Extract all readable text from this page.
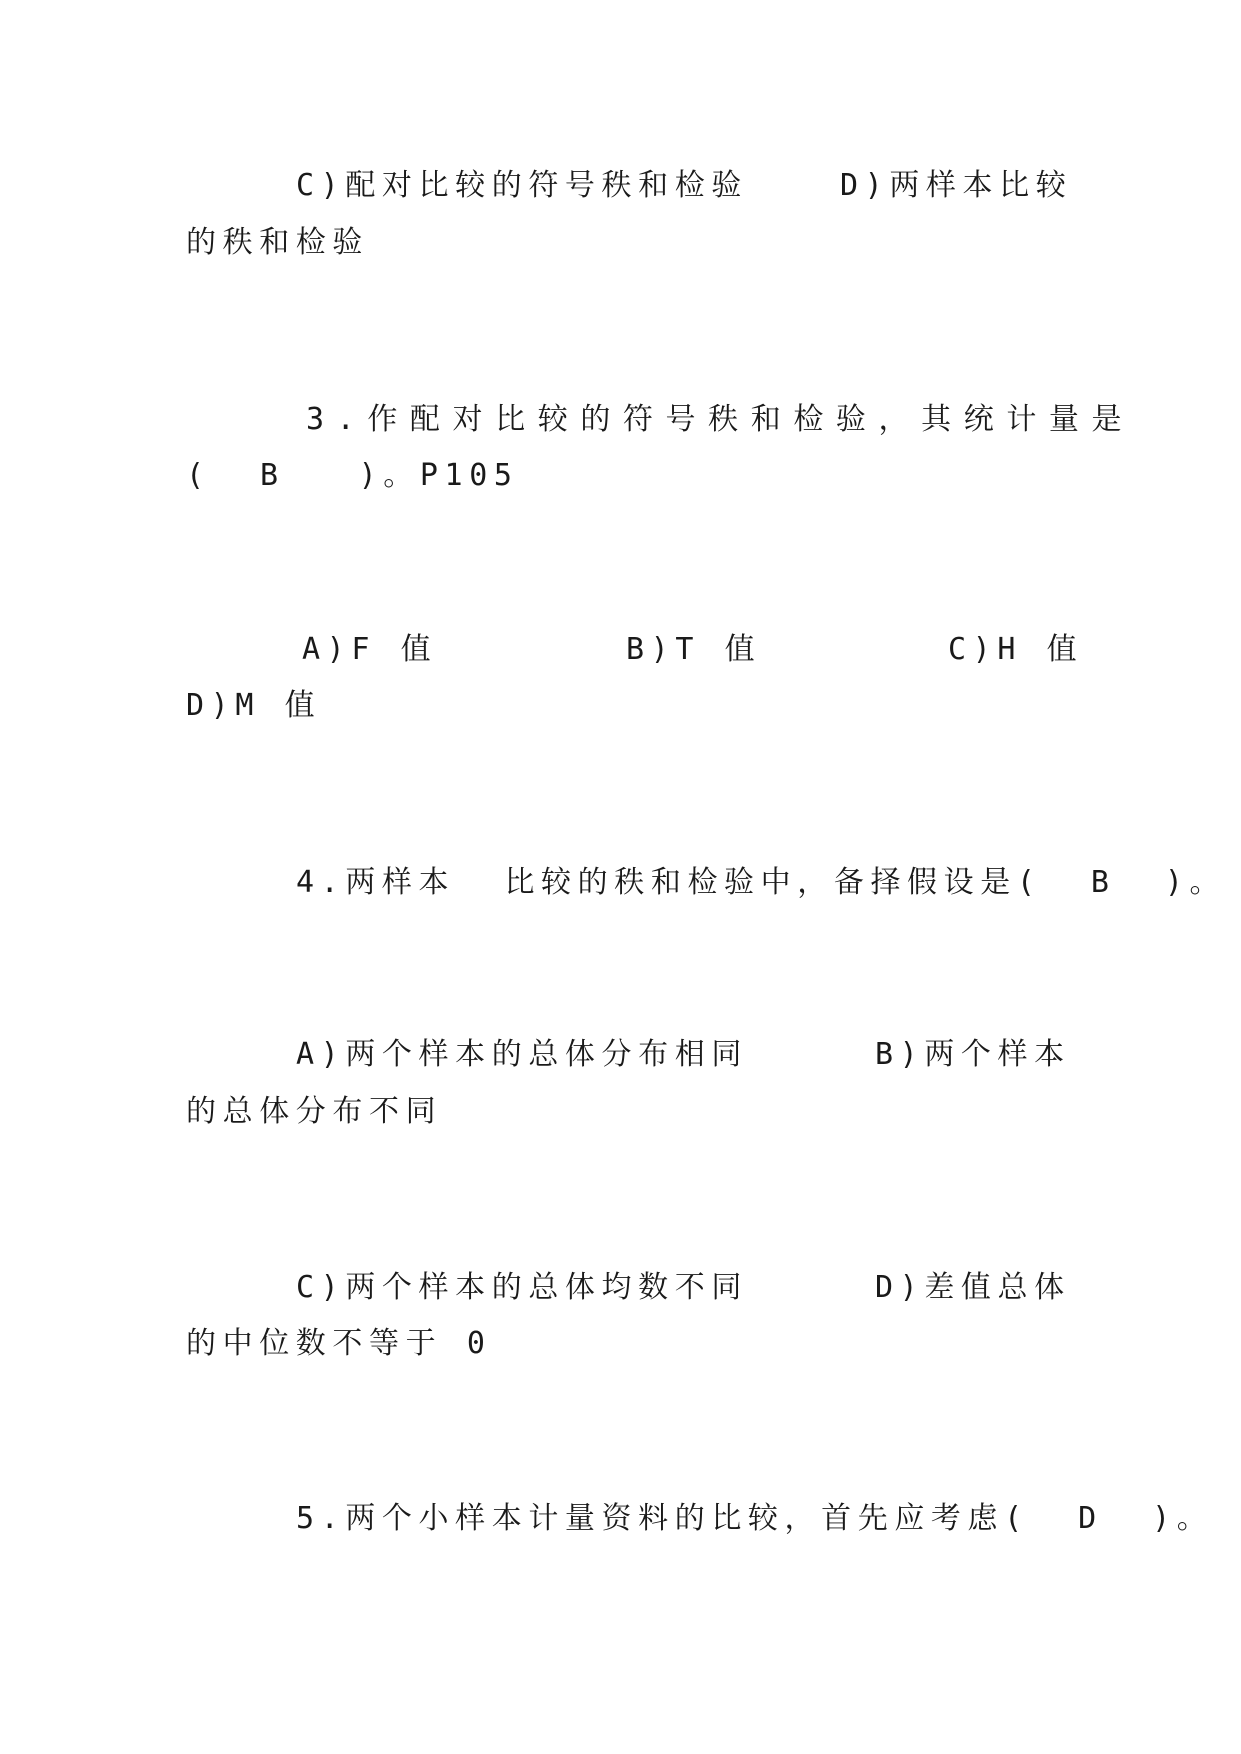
C)配对比较的符号秩和检验	D)两样本比较
的秩和检验
3.作配对比较的符号秩和检验，其统计量是
(  B   )。P105
A)F 值	B)T 值	C)H 值
D)M 值
4.两样本  比较的秩和检验中，备择假设是(  B  )。
A)两个样本的总体分布相同	B)两个样本
的总体分布不同
C)两个样本的总体均数不同	D)差值总体
的中位数不等于 0
5.两个小样本计量资料的比较，首先应考虑(  D  )。
